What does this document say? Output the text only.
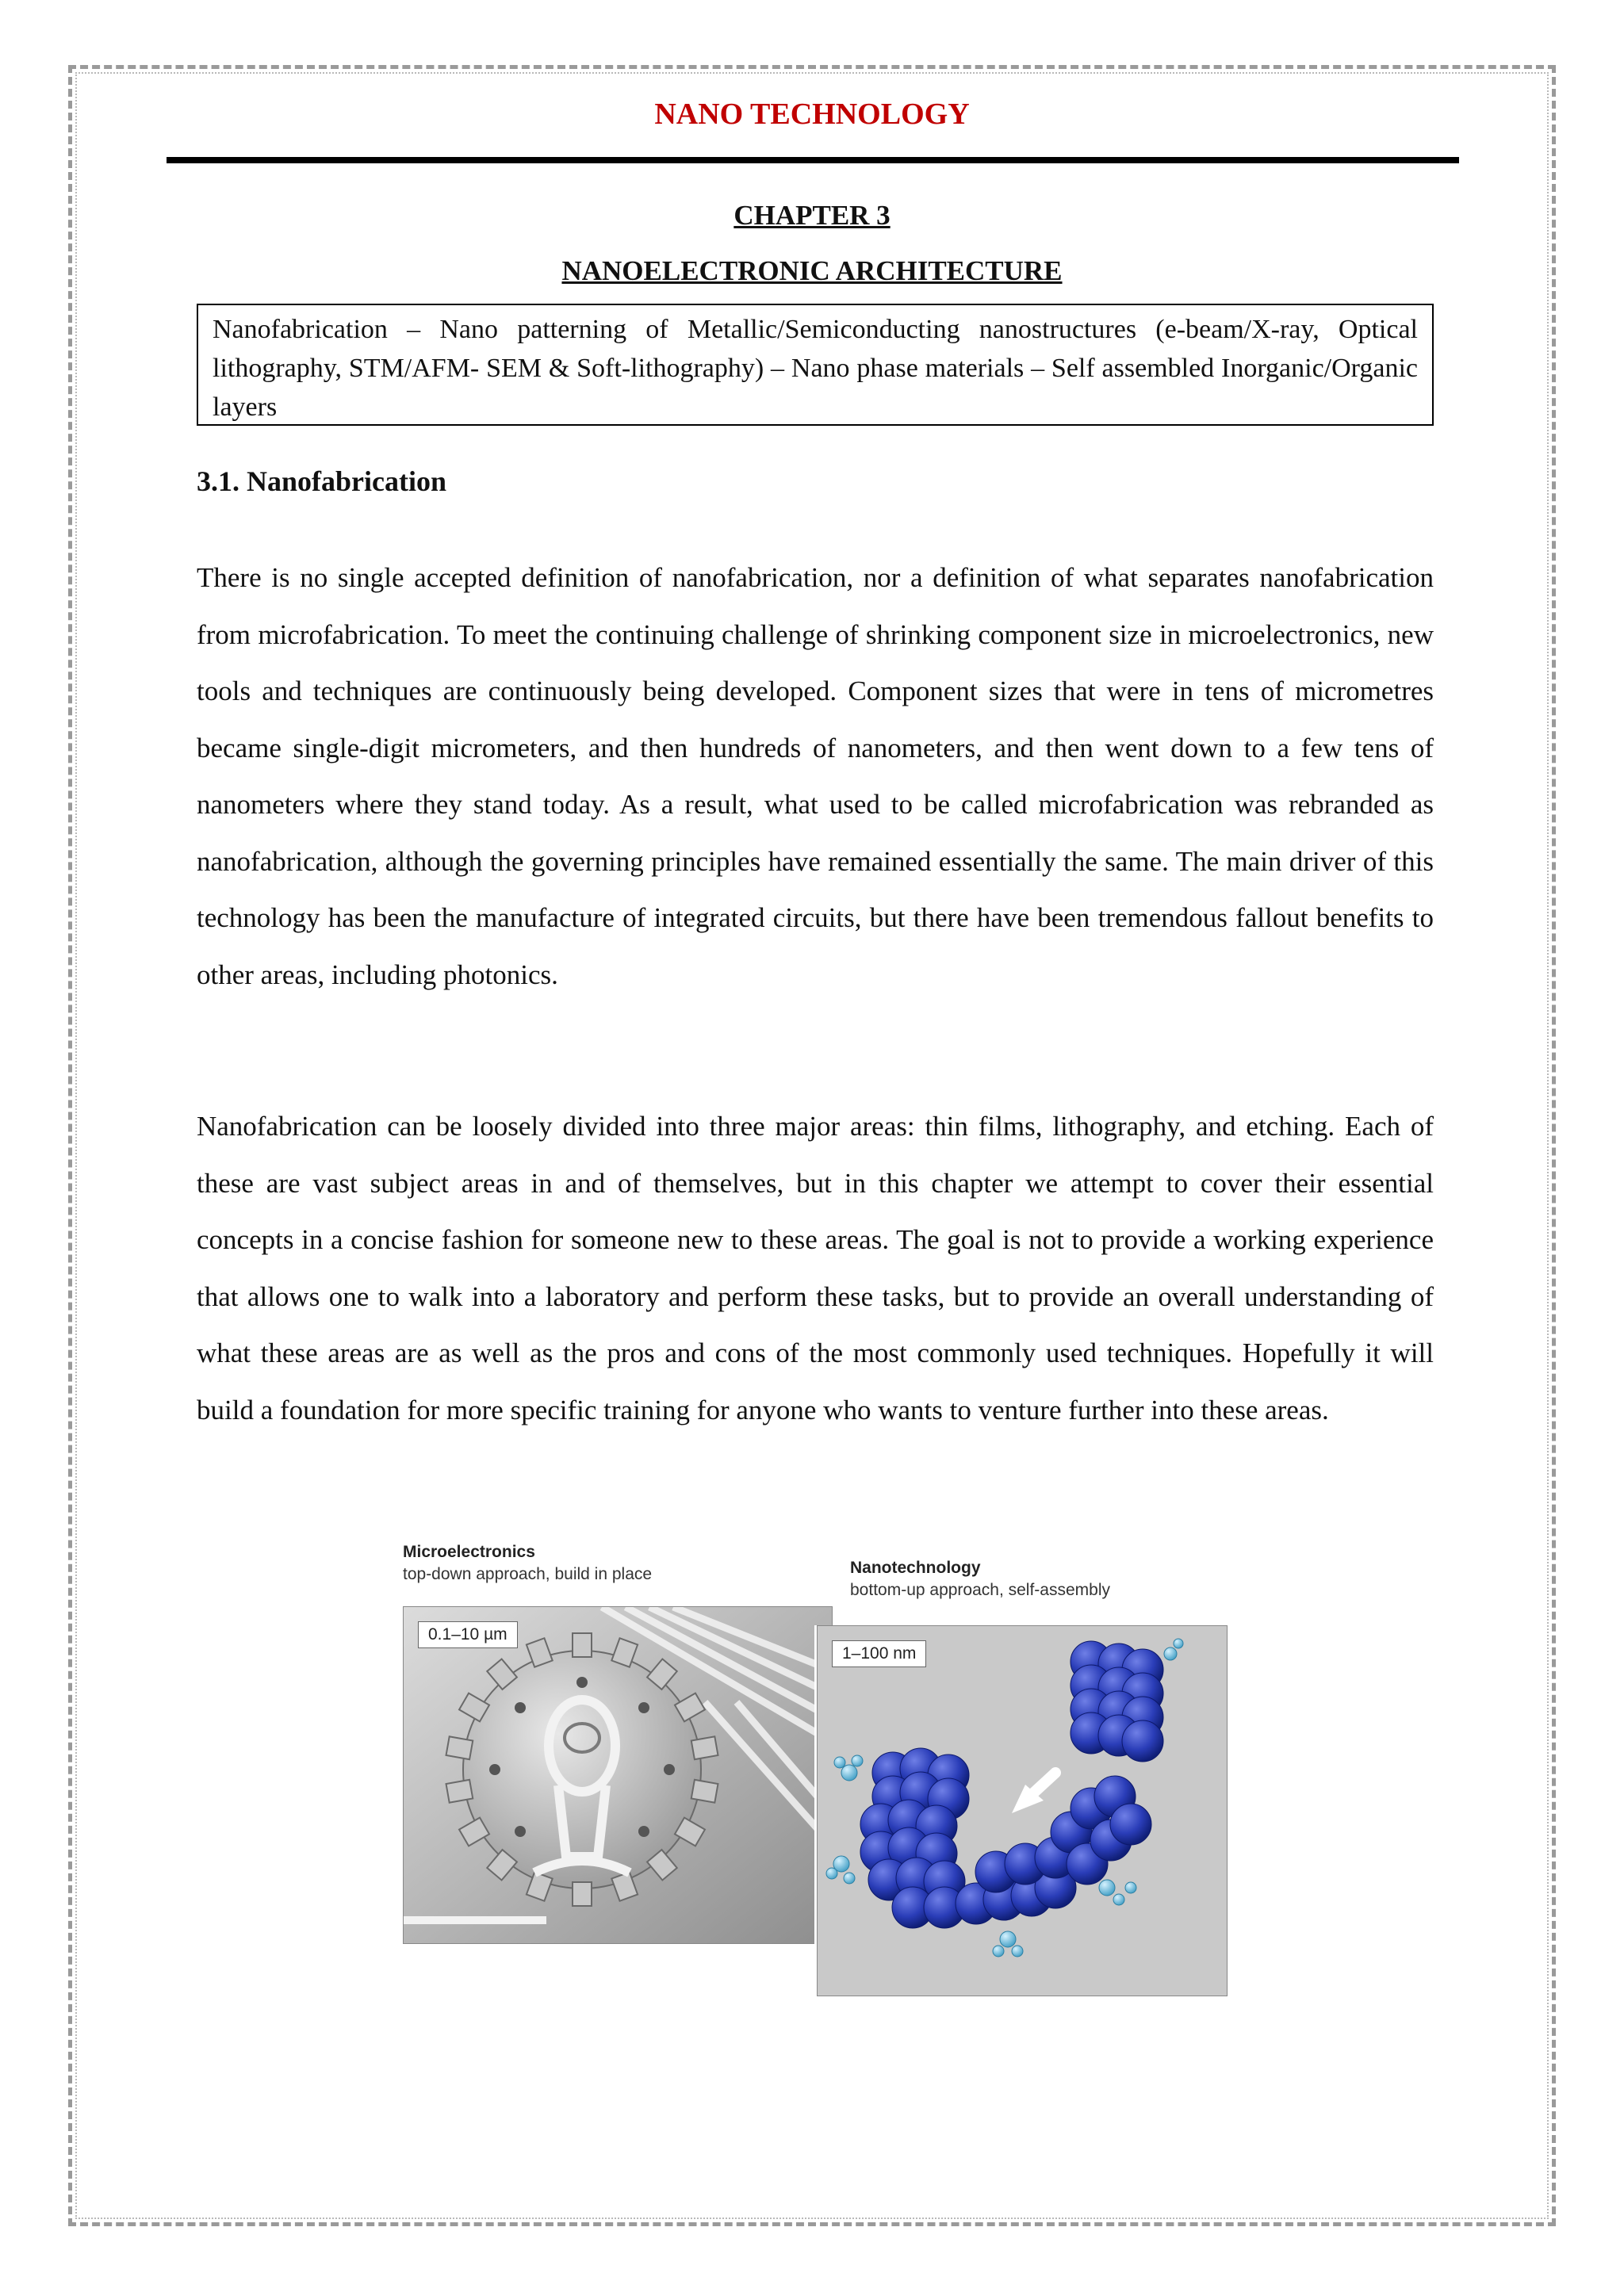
NANO TECHNOLOGY
CHAPTER 3
NANOELECTRONIC ARCHITECTURE
Nanofabrication – Nano patterning of Metallic/Semiconducting nanostructures (e-beam/X-ray, Optical lithography, STM/AFM- SEM & Soft-lithography) – Nano phase materials – Self assembled Inorganic/Organic layers
3.1. Nanofabrication

There is no single accepted definition of nanofabrication, nor a definition of what separates nanofabrication from microfabrication. To meet the continuing challenge of shrinking component size in microelectronics, new tools and techniques are continuously being developed. Component sizes that were in tens of micrometres became single-digit micrometers, and then hundreds of nanometers, and then went down to a few tens of nanometers where they stand today. As a result, what used to be called microfabrication was rebranded as nanofabrication, although the governing principles have remained essentially the same. The main driver of this technology has been the manufacture of integrated circuits, but there have been tremendous fallout benefits to other areas, including photonics.

Nanofabrication can be loosely divided into three major areas: thin films, lithography, and etching. Each of these are vast subject areas in and of themselves, but in this chapter we attempt to cover their essential concepts in a concise fashion for someone new to these areas. The goal is not to provide a working experience that allows one to walk into a laboratory and perform these tasks, but to provide an overall understanding of what these areas are as well as the pros and cons of the most commonly used techniques. Hopefully it will build a foundation for more specific training for anyone who wants to venture further into these areas.

Microelectronics
top-down approach, build in place	Nanotechnology
bottom-up approach, self-assembly
0.1–10 µm
1–100 nm
